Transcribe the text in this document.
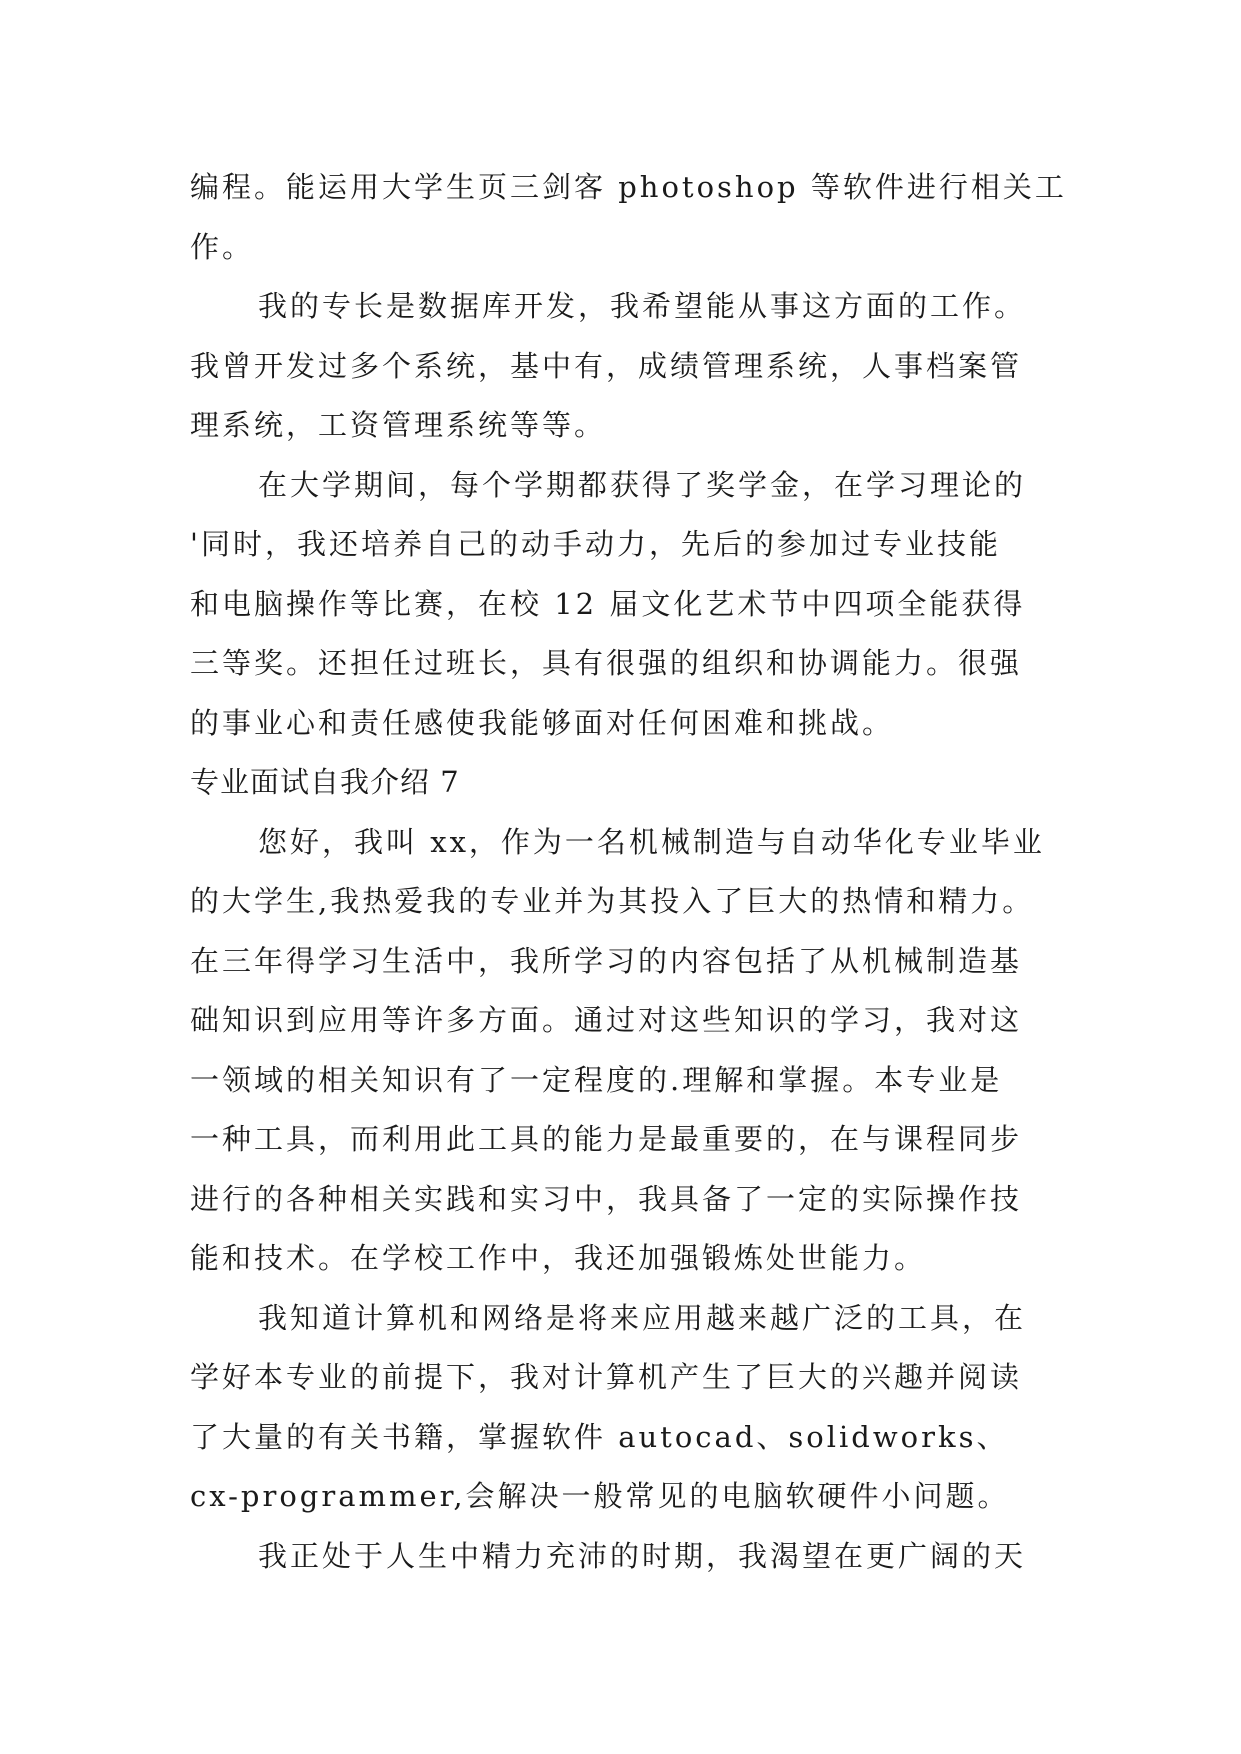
编程。能运用大学生页三剑客 photoshop 等软件进行相关工
作。
我的专长是数据库开发，我希望能从事这方面的工作。
我曾开发过多个系统，基中有，成绩管理系统，人事档案管
理系统，工资管理系统等等。
在大学期间，每个学期都获得了奖学金，在学习理论的
'同时，我还培养自己的动手动力，先后的参加过专业技能
和电脑操作等比赛，在校 12 届文化艺术节中四项全能获得
三等奖。还担任过班长，具有很强的组织和协调能力。很强
的事业心和责任感使我能够面对任何困难和挑战。
专业面试自我介绍 7
您好，我叫 xx，作为一名机械制造与自动华化专业毕业
的大学生,我热爱我的专业并为其投入了巨大的热情和精力。
在三年得学习生活中，我所学习的内容包括了从机械制造基
础知识到应用等许多方面。通过对这些知识的学习，我对这
一领域的相关知识有了一定程度的.理解和掌握。本专业是
一种工具，而利用此工具的能力是最重要的，在与课程同步
进行的各种相关实践和实习中，我具备了一定的实际操作技
能和技术。在学校工作中，我还加强锻炼处世能力。
我知道计算机和网络是将来应用越来越广泛的工具，在
学好本专业的前提下，我对计算机产生了巨大的兴趣并阅读
了大量的有关书籍，掌握软件 autocad、solidworks、
cx-programmer,会解决一般常见的电脑软硬件小问题。
我正处于人生中精力充沛的时期，我渴望在更广阔的天
